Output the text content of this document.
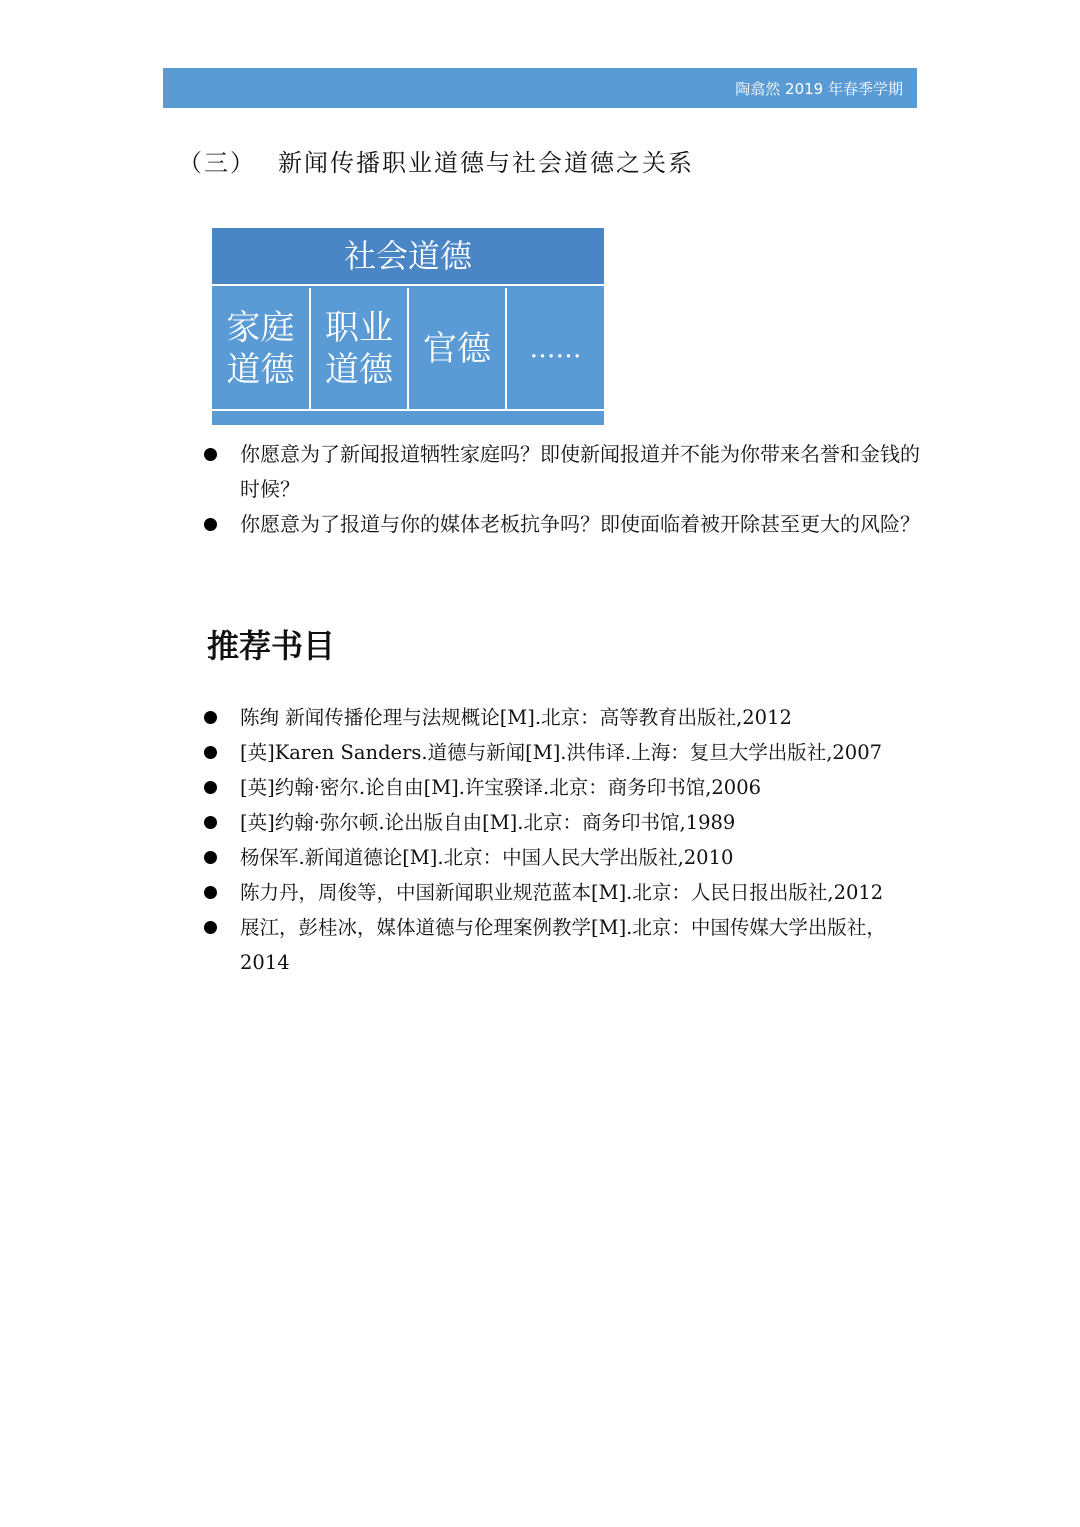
陶翕然 2019 年春季学期
（三） 新闻传播职业道德与社会道德之关系
社会道德
家庭
道德
职业
道德
官德 ……
你愿意为了新闻报道牺牲家庭吗？即使新闻报道并不能为你带来名誉和金钱的时候？
你愿意为了报道与你的媒体老板抗争吗？即使面临着被开除甚至更大的风险？
推荐书目
陈绚 新闻传播伦理与法规概论[M].北京：高等教育出版社,2012
[英]Karen Sanders.道德与新闻[M].洪伟译.上海：复旦大学出版社,2007
[英]约翰·密尔.论自由[M].许宝骙译.北京：商务印书馆,2006
[英]约翰·弥尔顿.论出版自由[M].北京：商务印书馆,1989
杨保军.新闻道德论[M].北京：中国人民大学出版社,2010
陈力丹，周俊等，中国新闻职业规范蓝本[M].北京：人民日报出版社,2012
展江，彭桂冰，媒体道德与伦理案例教学[M].北京：中国传媒大学出版社，2014
